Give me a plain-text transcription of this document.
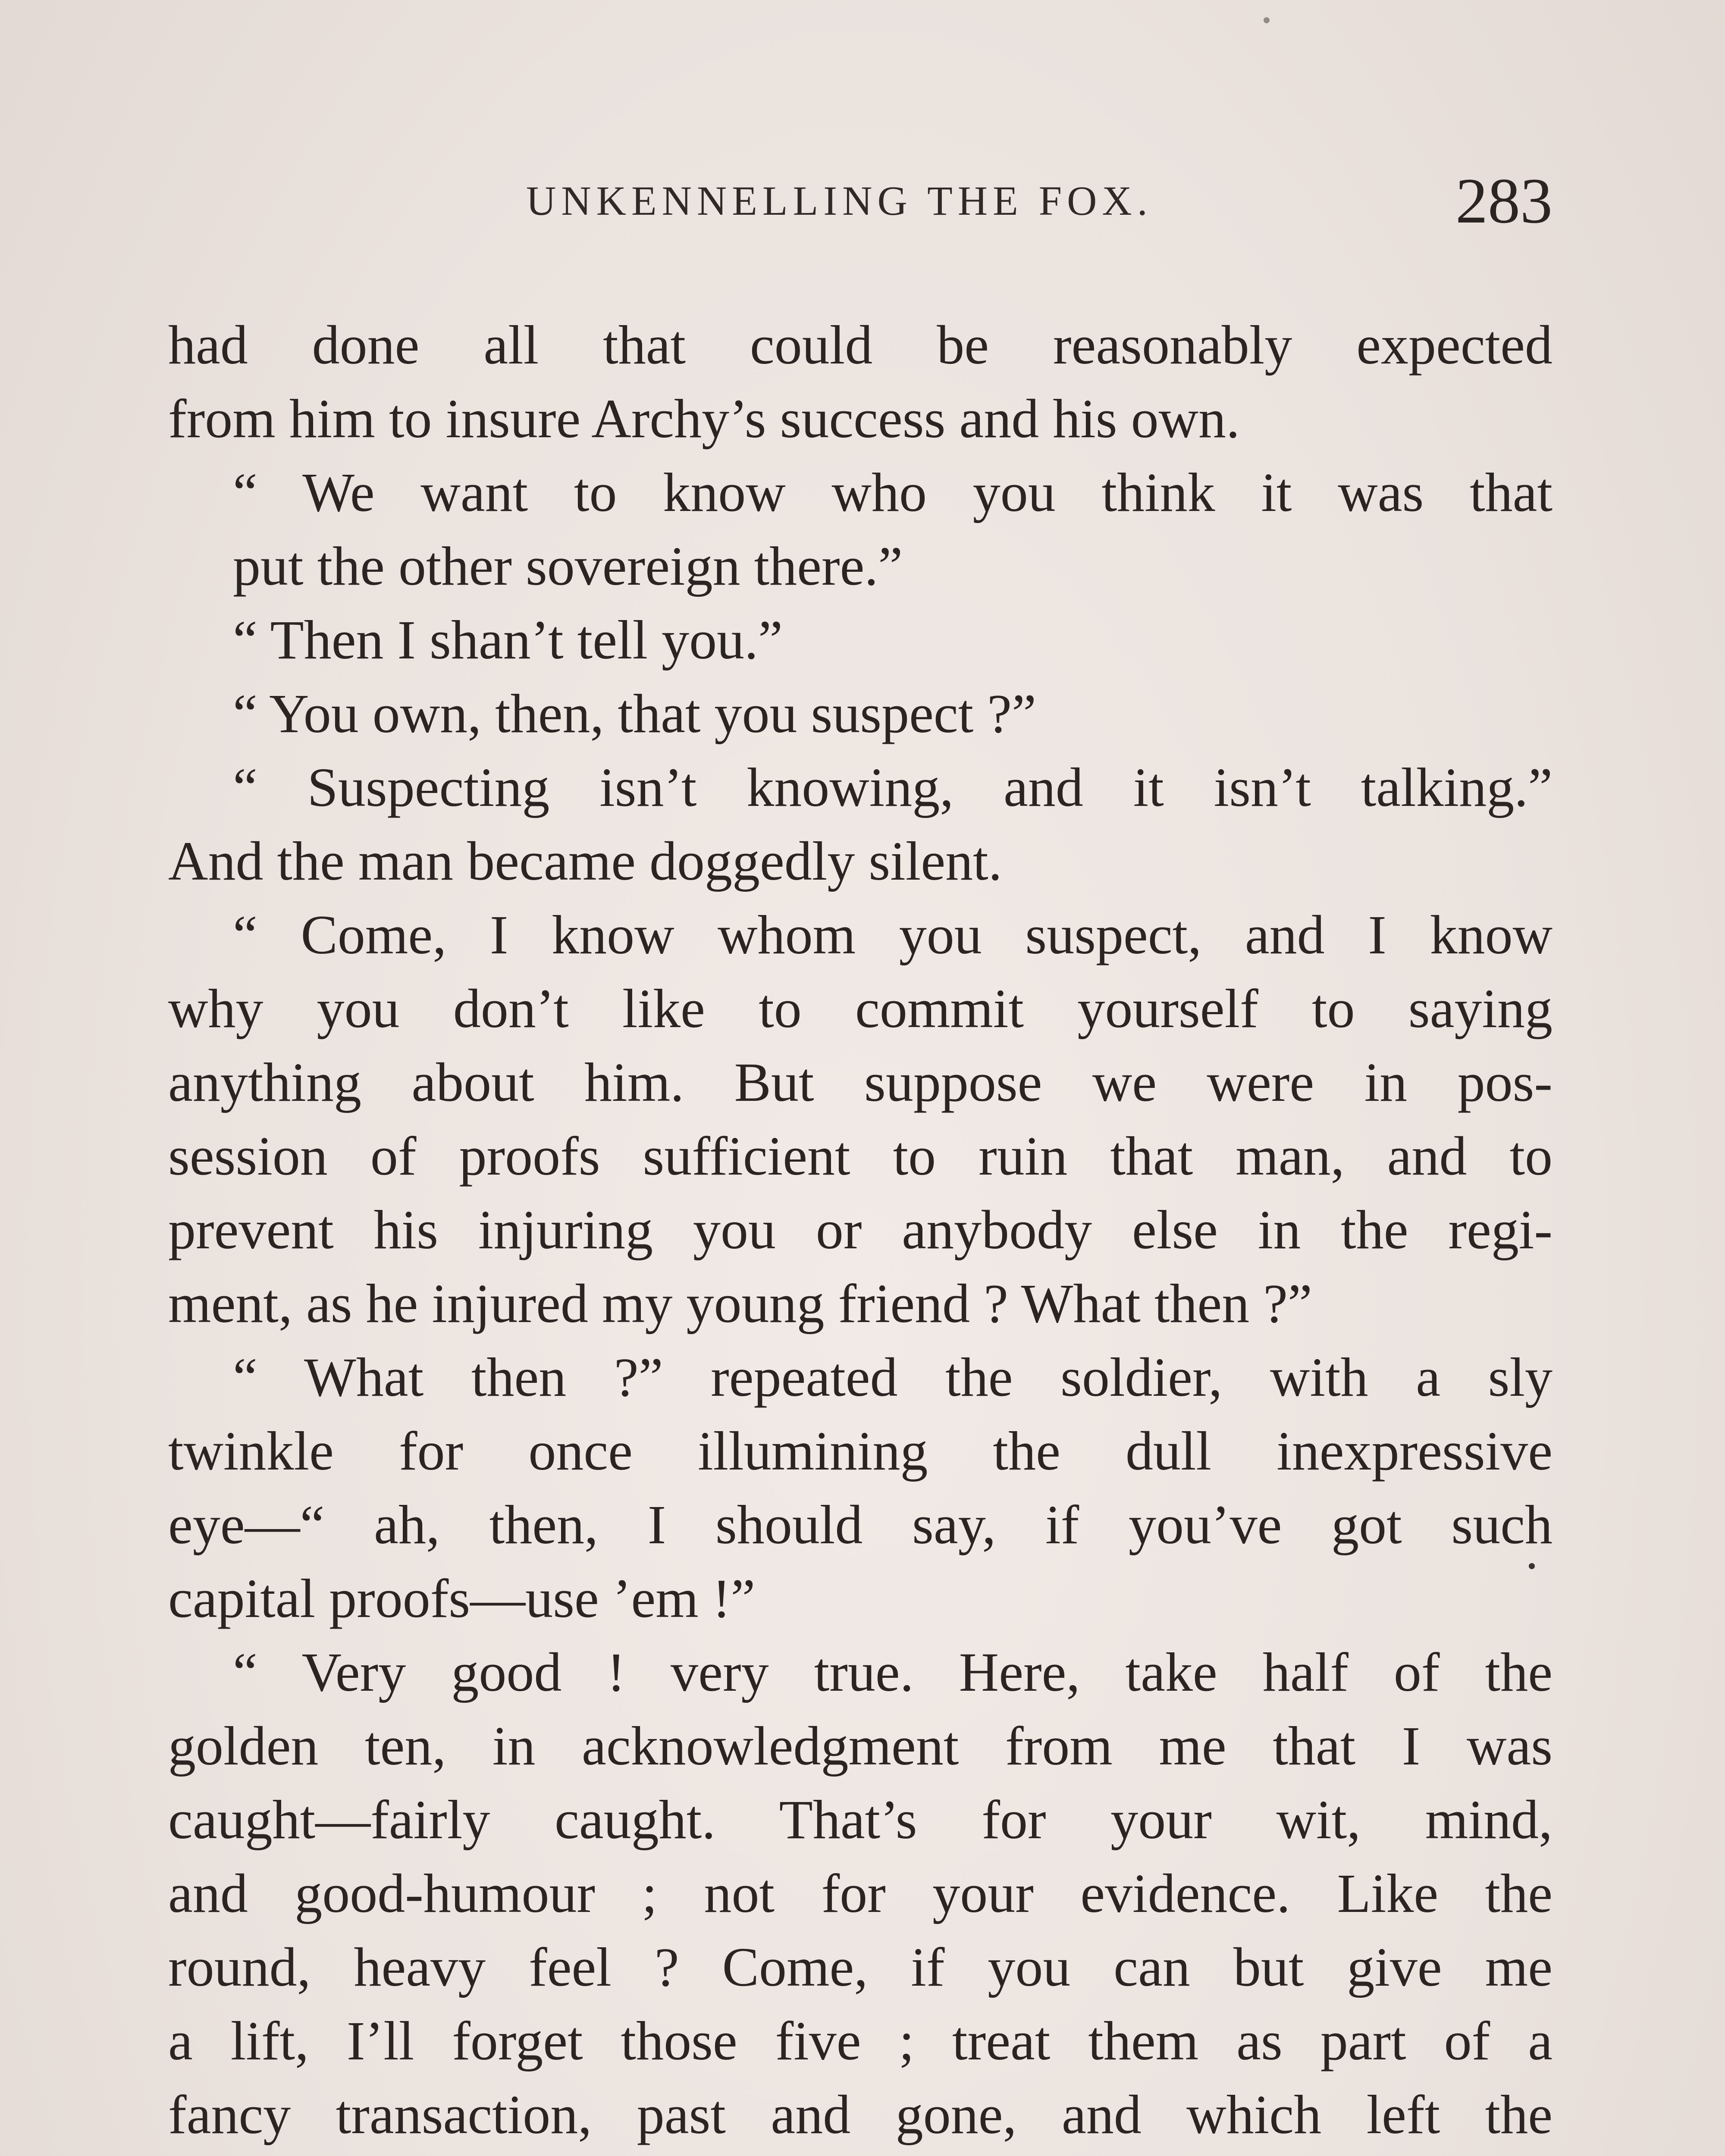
UNKENNELLING THE FOX.	283
had done all that could be reasonably expected
from him to insure Archy’s success and his own.
“ We want to know who you think it was that
put the other sovereign there.”
“ Then I shan’t tell you.”
“ You own, then, that you suspect ?”
“ Suspecting isn’t knowing, and it isn’t talking.”
And the man became doggedly silent.
“ Come, I know whom you suspect, and I know
why you don’t like to commit yourself to saying
anything about him. But suppose we were in pos-
session of proofs sufficient to ruin that man, and to
prevent his injuring you or anybody else in the regi-
ment, as he injured my young friend ? What then ?”
“ What then ?” repeated the soldier, with a sly
twinkle for once illumining the dull inexpressive
eye—“ ah, then, I should say, if you’ve got such
capital proofs—use ’em !”
“ Very good ! very true. Here, take half of the
golden ten, in acknowledgment from me that I was
caught—fairly caught. That’s for your wit, mind,
and good-humour ; not for your evidence. Like the
round, heavy feel ? Come, if you can but give me
a lift, I’ll forget those five ; treat them as part of a
fancy transaction, past and gone, and which left the
